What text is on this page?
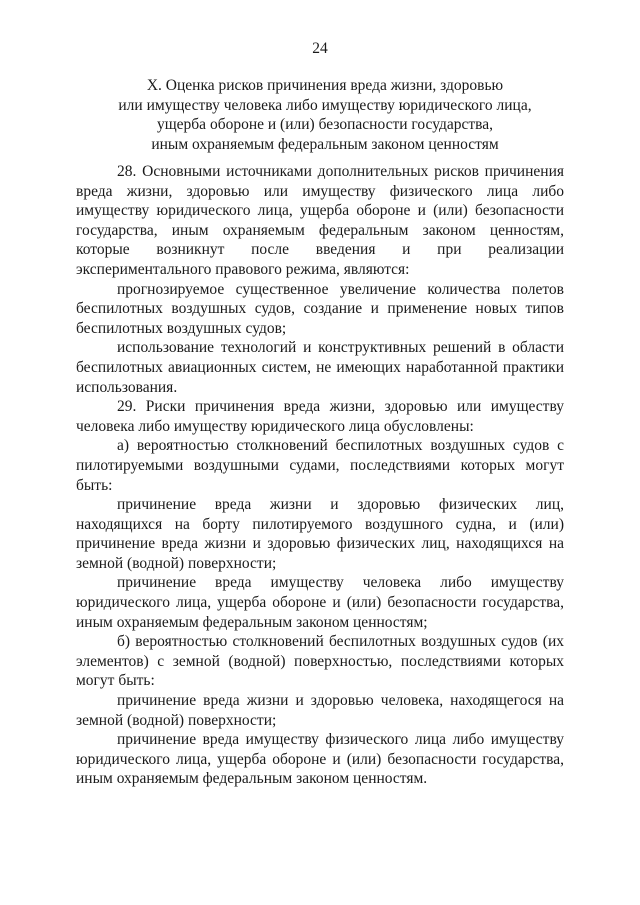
24
X. Оценка рисков причинения вреда жизни, здоровью
или имуществу человека либо имуществу юридического лица,
ущерба обороне и (или) безопасности государства,
иным охраняемым федеральным законом ценностям

28. Основными источниками дополнительных рисков причинения вреда жизни, здоровью или имуществу физического лица либо имуществу юридического лица, ущерба обороне и (или) безопасности государства, иным охраняемым федеральным законом ценностям, которые возникнут после введения и при реализации экспериментального правового режима, являются:

прогнозируемое существенное увеличение количества полетов беспилотных воздушных судов, создание и применение новых типов беспилотных воздушных судов;

использование технологий и конструктивных решений в области беспилотных авиационных систем, не имеющих наработанной практики использования.

29. Риски причинения вреда жизни, здоровью или имуществу человека либо имуществу юридического лица обусловлены:

а) вероятностью столкновений беспилотных воздушных судов с пилотируемыми воздушными судами, последствиями которых могут быть:

причинение вреда жизни и здоровью физических лиц, находящихся на борту пилотируемого воздушного судна, и (или) причинение вреда жизни и здоровью физических лиц, находящихся на земной (водной) поверхности;

причинение вреда имуществу человека либо имуществу юридического лица, ущерба обороне и (или) безопасности государства, иным охраняемым федеральным законом ценностям;

б) вероятностью столкновений беспилотных воздушных судов (их элементов) с земной (водной) поверхностью, последствиями которых могут быть:

причинение вреда жизни и здоровью человека, находящегося на земной (водной) поверхности;

причинение вреда имуществу физического лица либо имуществу юридического лица, ущерба обороне и (или) безопасности государства, иным охраняемым федеральным законом ценностям.
